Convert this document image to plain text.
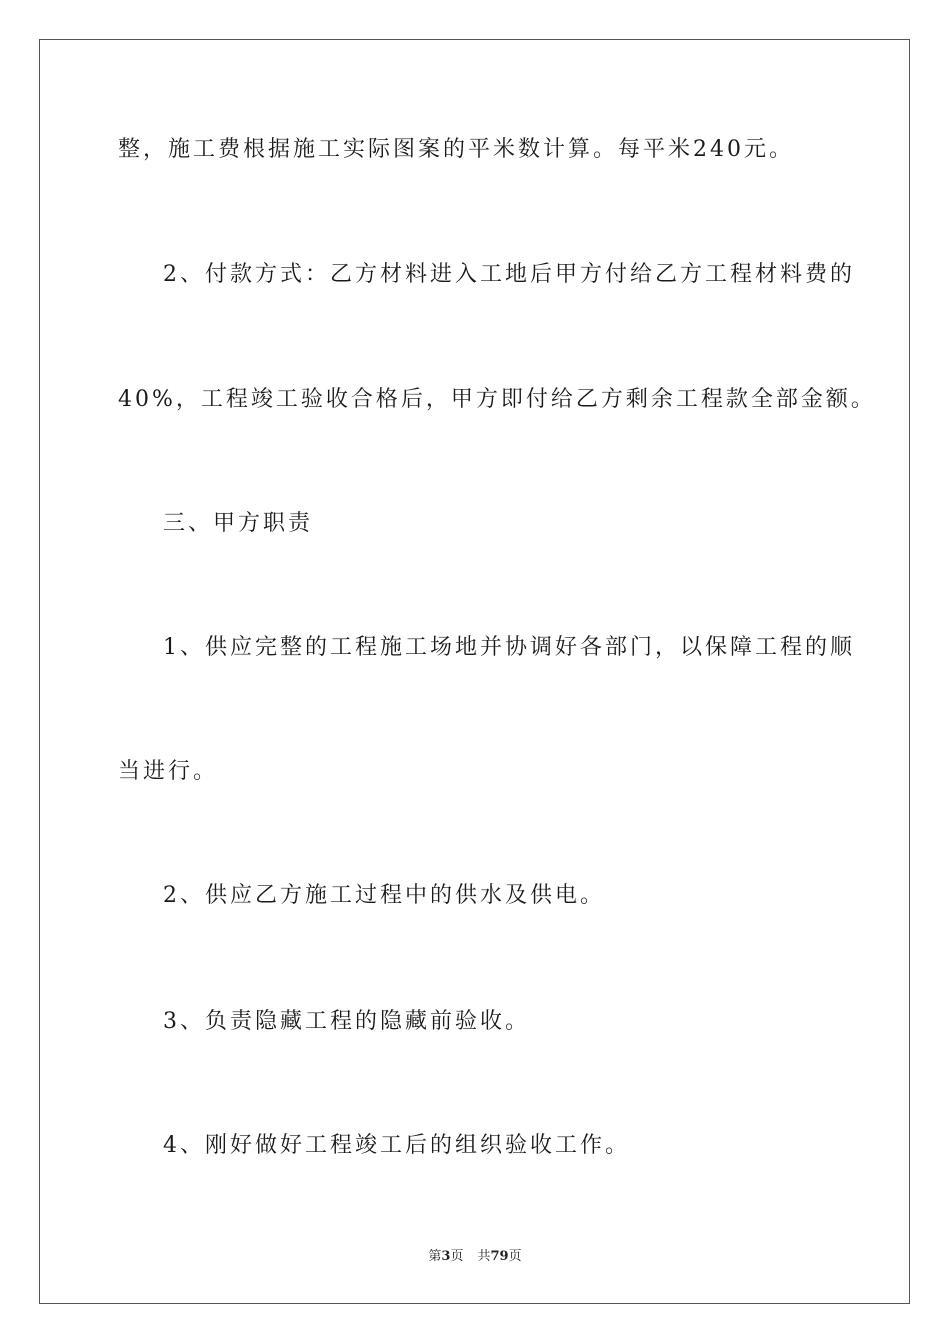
整，施工费根据施工实际图案的平米数计算。每平米240元。
2、付款方式：乙方材料进入工地后甲方付给乙方工程材料费的
40%，工程竣工验收合格后，甲方即付给乙方剩余工程款全部金额。
三、甲方职责
1、供应完整的工程施工场地并协调好各部门，以保障工程的顺
当进行。
2、供应乙方施工过程中的供水及供电。
3、负责隐藏工程的隐藏前验收。
4、刚好做好工程竣工后的组织验收工作。
第3页 共79页
